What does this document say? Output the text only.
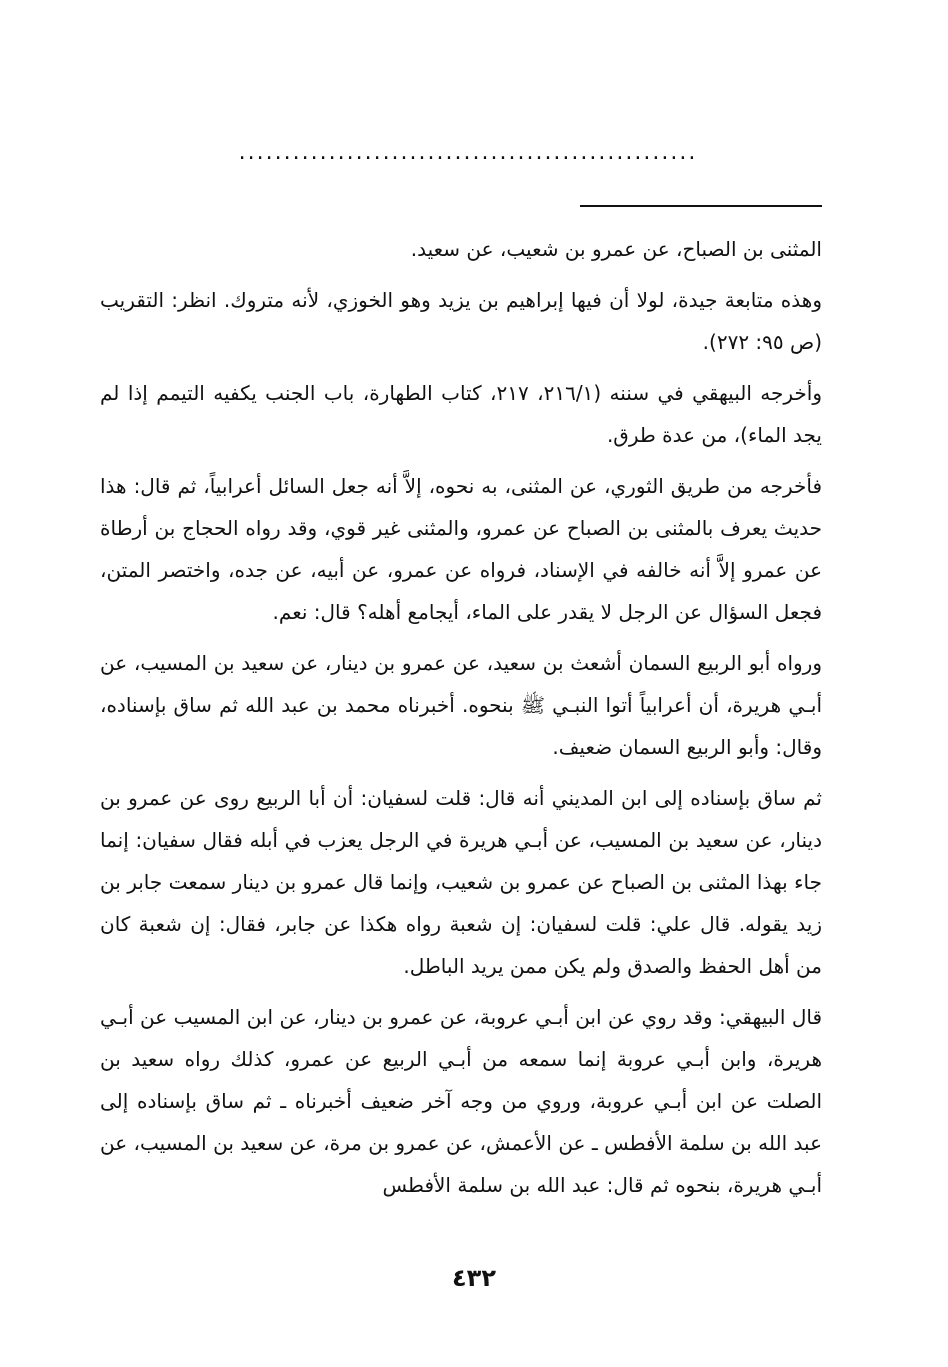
...................................................

المثنى بن الصباح، عن عمرو بن شعيب، عن سعيد.

وهذه متابعة جيدة، لولا أن فيها إبراهيم بن يزيد وهو الخوزي، لأنه متروك. انظر: التقريب (ص ٩٥: ٢٧٢).

وأخرجه البيهقي في سننه (٢١٦/١، ٢١٧، كتاب الطهارة، باب الجنب يكفيه التيمم إذا لم يجد الماء)، من عدة طرق.

فأخرجه من طريق الثوري، عن المثنى، به نحوه، إلاَّ أنه جعل السائل أعرابياً، ثم قال: هذا حديث يعرف بالمثنى بن الصباح عن عمرو، والمثنى غير قوي، وقد رواه الحجاج بن أرطاة عن عمرو إلاَّ أنه خالفه في الإسناد، فرواه عن عمرو، عن أبيه، عن جده، واختصر المتن، فجعل السؤال عن الرجل لا يقدر على الماء، أيجامع أهله؟ قال: نعم.

ورواه أبو الربيع السمان أشعث بن سعيد، عن عمرو بن دينار، عن سعيد بن المسيب، عن أبـي هريرة، أن أعرابياً أتوا النبـي ﷺ بنحوه. أخبرناه محمد بن عبد الله ثم ساق بإسناده، وقال: وأبو الربيع السمان ضعيف.

ثم ساق بإسناده إلى ابن المديني أنه قال: قلت لسفيان: أن أبا الربيع روى عن عمرو بن دينار، عن سعيد بن المسيب، عن أبـي هريرة في الرجل يعزب في أبله فقال سفيان: إنما جاء بهذا المثنى بن الصباح عن عمرو بن شعيب، وإنما قال عمرو بن دينار سمعت جابر بن زيد يقوله. قال علي: قلت لسفيان: إن شعبة رواه هكذا عن جابر، فقال: إن شعبة كان من أهل الحفظ والصدق ولم يكن ممن يريد الباطل.

قال البيهقي: وقد روي عن ابن أبـي عروبة، عن عمرو بن دينار، عن ابن المسيب عن أبـي هريرة، وابن أبـي عروبة إنما سمعه من أبـي الربيع عن عمرو، كذلك رواه سعيد بن الصلت عن ابن أبـي عروبة، وروي من وجه آخر ضعيف أخبرناه ـ ثم ساق بإسناده إلى عبد الله بن سلمة الأفطس ـ عن الأعمش، عن عمرو بن مرة، عن سعيد بن المسيب، عن أبـي هريرة، بنحوه ثم قال: عبد الله بن سلمة الأفطس

٤٣٢
